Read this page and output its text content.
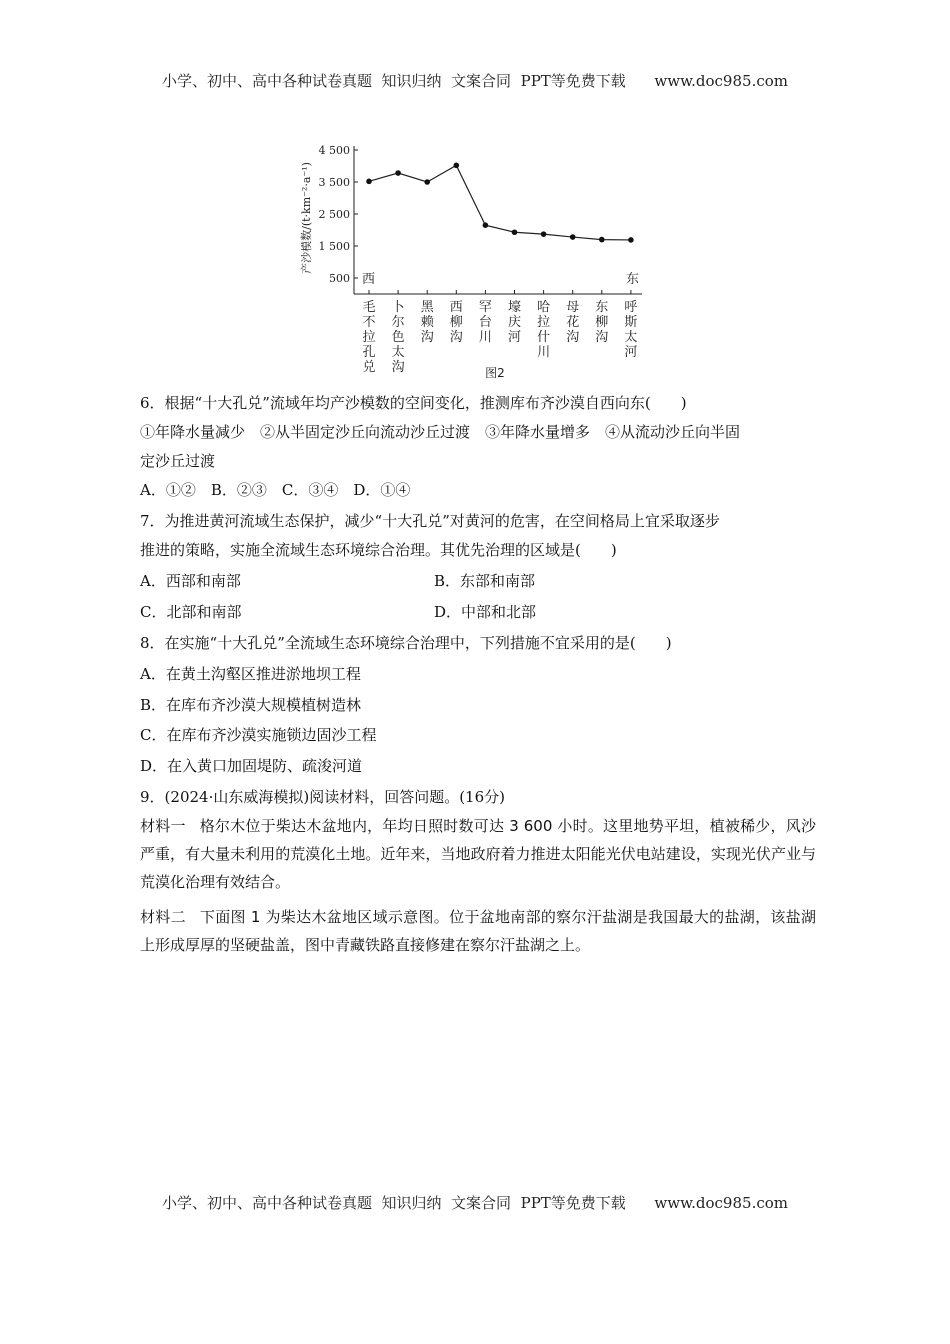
小学、初中、高中各种试卷真题  知识归纳  文案合同  PPT等免费下载      www.doc985.com
4 500
3 500
2 500
1 500
500
产沙模数/(t·km⁻²·a⁻¹)
西	东
毛不拉孔兑
卜尔色太沟
黑赖沟
西柳沟
罕台川
壕庆河
哈拉什川
母花沟
东柳沟
呼斯太河
图2
6．根据“十大孔兑”流域年均产沙模数的空间变化，推测库布齐沙漠自西向东(　　)
①年降水量减少　②从半固定沙丘向流动沙丘过渡　③年降水量增多　④从流动沙丘向半固
定沙丘过渡
A．①②　B．②③　C．③④　D．①④
7．为推进黄河流域生态保护，减少“十大孔兑”对黄河的危害，在空间格局上宜采取逐步
推进的策略，实施全流域生态环境综合治理。其优先治理的区域是(　　)
A．西部和南部	B．东部和南部
C．北部和南部	D．中部和北部
8．在实施“十大孔兑”全流域生态环境综合治理中，下列措施不宜采用的是(　　)
A．在黄土沟壑区推进淤地坝工程
B．在库布齐沙漠大规模植树造林
C．在库布齐沙漠实施锁边固沙工程
D．在入黄口加固堤防、疏浚河道
9．(2024·山东威海模拟)阅读材料，回答问题。(16分)
材料一 格尔木位于柴达木盆地内，年均日照时数可达 3 600 小时。这里地势平坦，植被稀少，风沙严重，有大量未利用的荒漠化土地。近年来，当地政府着力推进太阳能光伏电站建设，实现光伏产业与荒漠化治理有效结合。
材料二 下面图 1 为柴达木盆地区域示意图。位于盆地南部的察尔汗盐湖是我国最大的盐湖，该盐湖上形成厚厚的坚硬盐盖，图中青藏铁路直接修建在察尔汗盐湖之上。
小学、初中、高中各种试卷真题  知识归纳  文案合同  PPT等免费下载      www.doc985.com
